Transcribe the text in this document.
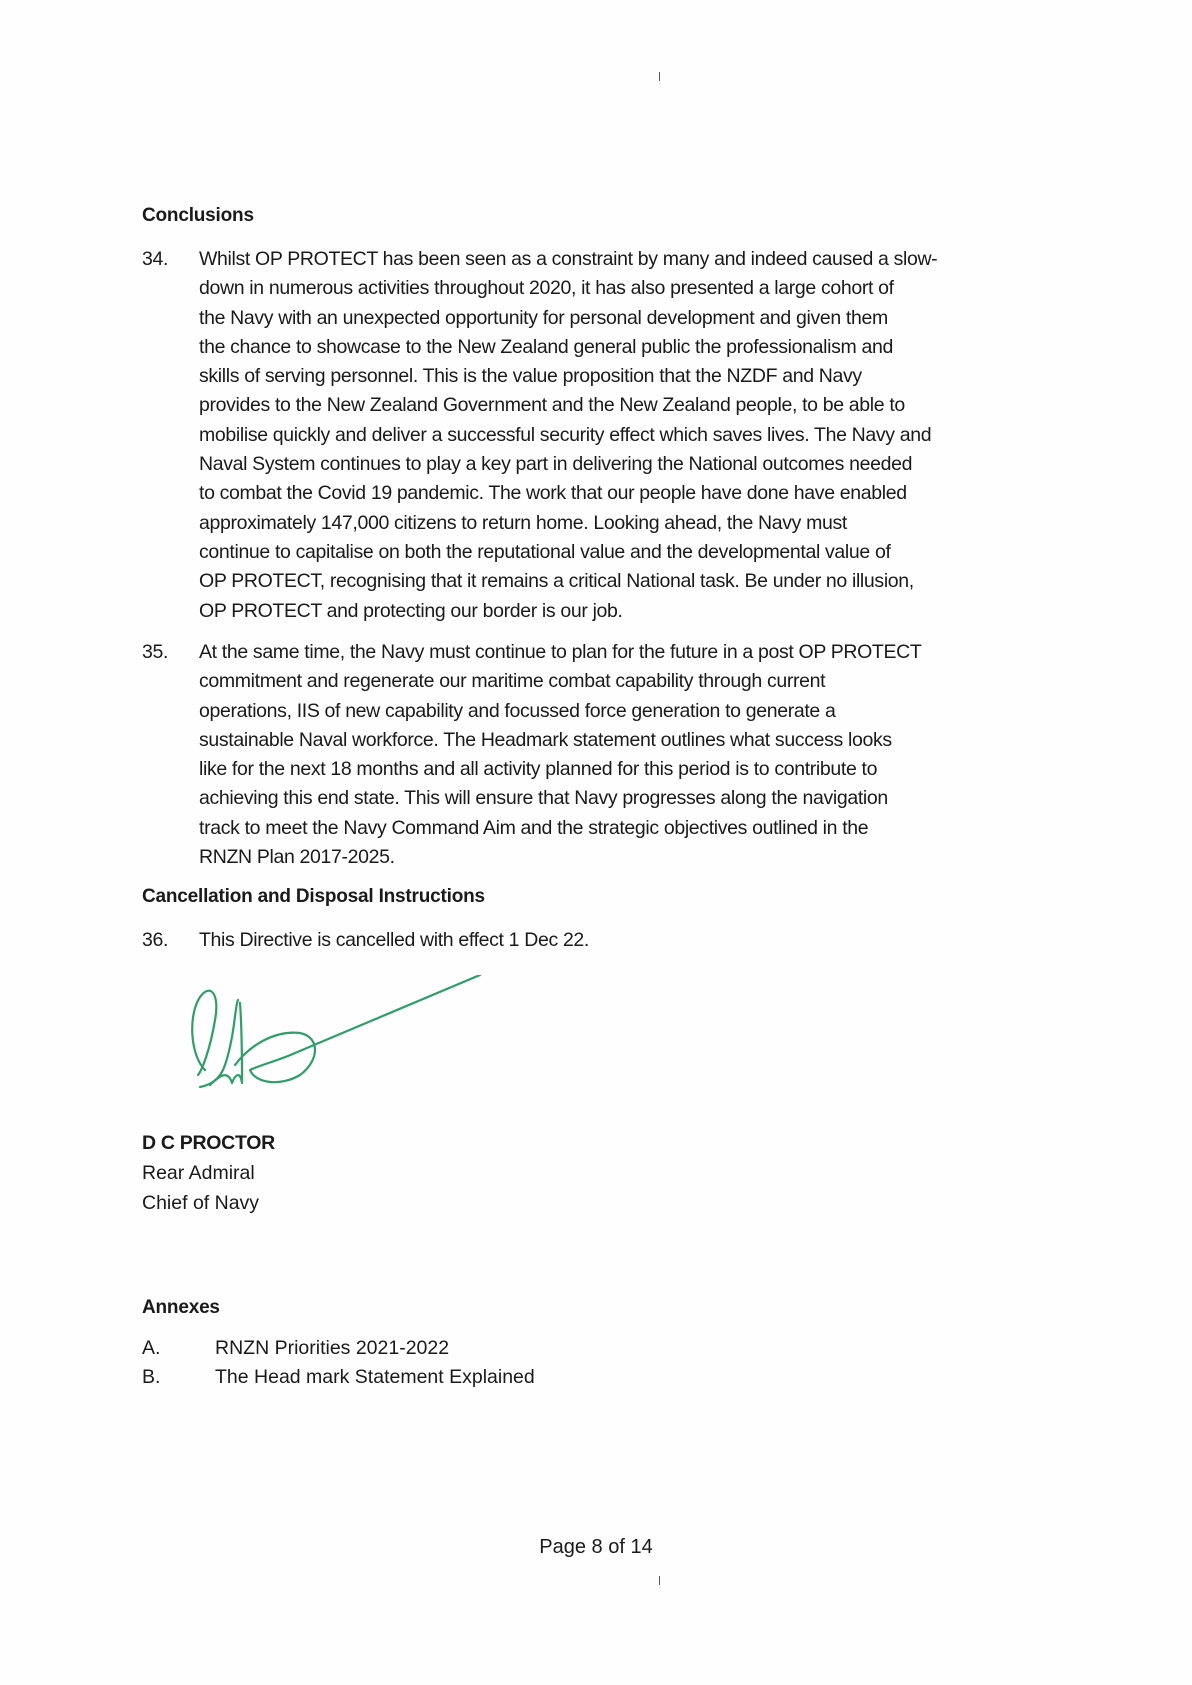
Conclusions
34. Whilst OP PROTECT has been seen as a constraint by many and indeed caused a slow-
down in numerous activities throughout 2020, it has also presented a large cohort of
the Navy with an unexpected opportunity for personal development and given them
the chance to showcase to the New Zealand general public the professionalism and
skills of serving personnel. This is the value proposition that the NZDF and Navy
provides to the New Zealand Government and the New Zealand people, to be able to
mobilise quickly and deliver a successful security effect which saves lives. The Navy and
Naval System continues to play a key part in delivering the National outcomes needed
to combat the Covid 19 pandemic. The work that our people have done have enabled
approximately 147,000 citizens to return home. Looking ahead, the Navy must
continue to capitalise on both the reputational value and the developmental value of
OP PROTECT, recognising that it remains a critical National task. Be under no illusion,
OP PROTECT and protecting our border is our job.
35. At the same time, the Navy must continue to plan for the future in a post OP PROTECT
commitment and regenerate our maritime combat capability through current
operations, IIS of new capability and focussed force generation to generate a
sustainable Naval workforce. The Headmark statement outlines what success looks
like for the next 18 months and all activity planned for this period is to contribute to
achieving this end state. This will ensure that Navy progresses along the navigation
track to meet the Navy Command Aim and the strategic objectives outlined in the
RNZN Plan 2017-2025.
Cancellation and Disposal Instructions
36. This Directive is cancelled with effect 1 Dec 22.
D C PROCTOR
Rear Admiral
Chief of Navy
Annexes
A.	RNZN Priorities 2021-2022
B.	The Head mark Statement Explained
Page 8 of 14
